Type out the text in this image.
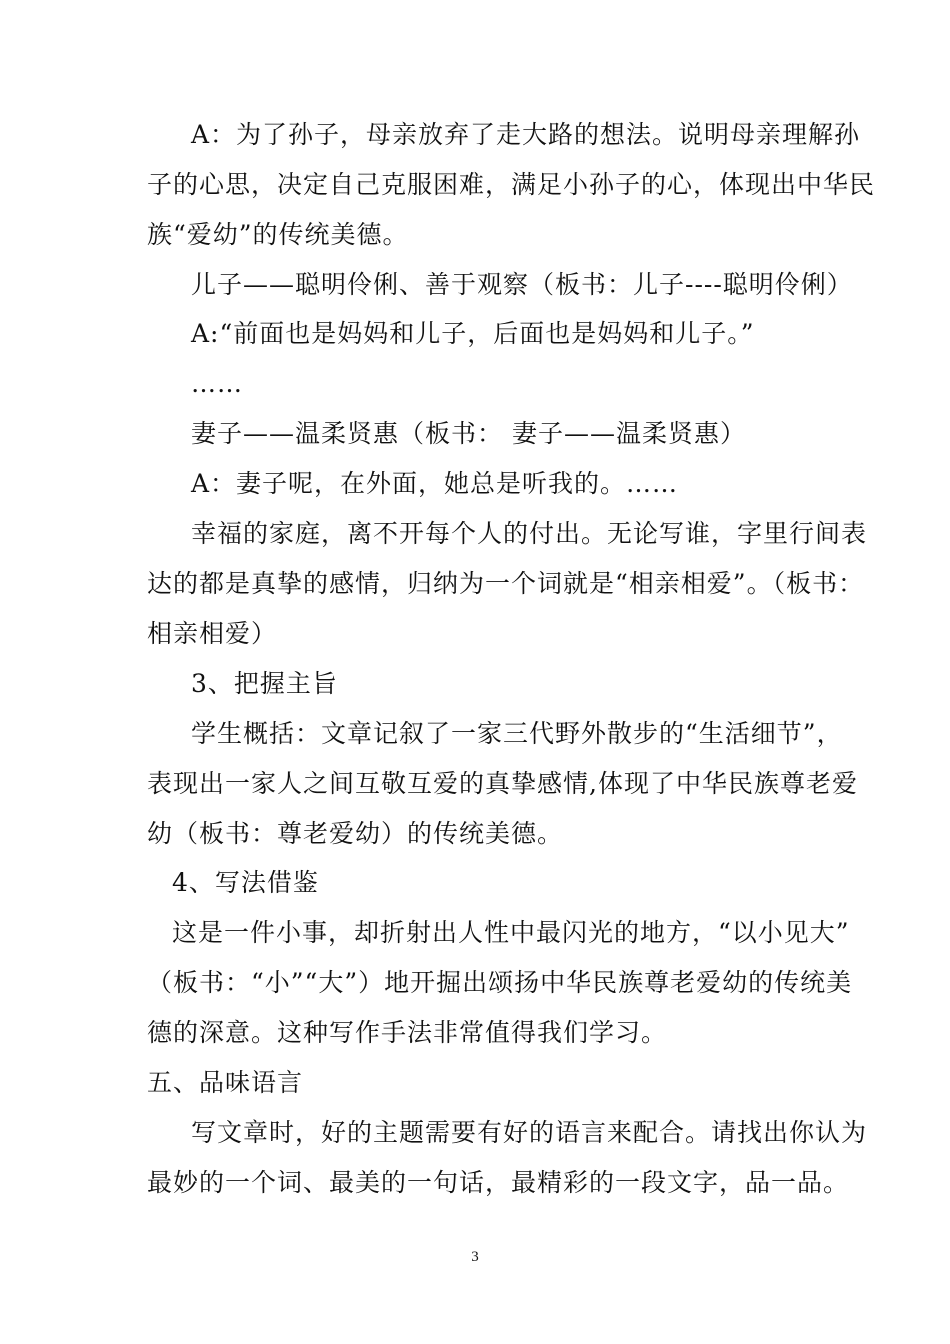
A：为了孙子，母亲放弃了走大路的想法。说明母亲理解孙
子的心思，决定自己克服困难，满足小孙子的心，体现出中华民
族“爱幼”的传统美德。
儿子——聪明伶俐、善于观察（板书：儿子----聪明伶俐）
A:“前面也是妈妈和儿子，后面也是妈妈和儿子。”
……
妻子——温柔贤惠（板书： 妻子——温柔贤惠）
A：妻子呢，在外面，她总是听我的。……
幸福的家庭，离不开每个人的付出。无论写谁，字里行间表
达的都是真挚的感情，归纳为一个词就是“相亲相爱”。（板书：
相亲相爱）
3、把握主旨
学生概括：文章记叙了一家三代野外散步的“生活细节”，
表现出一家人之间互敬互爱的真挚感情,体现了中华民族尊老爱
幼（板书：尊老爱幼）的传统美德。
4、写法借鉴
这是一件小事，却折射出人性中最闪光的地方，“以小见大”
（板书：“小”“大”）地开掘出颂扬中华民族尊老爱幼的传统美
德的深意。这种写作手法非常值得我们学习。
五、品味语言
写文章时，好的主题需要有好的语言来配合。请找出你认为
最妙的一个词、最美的一句话，最精彩的一段文字，品一品。
3
